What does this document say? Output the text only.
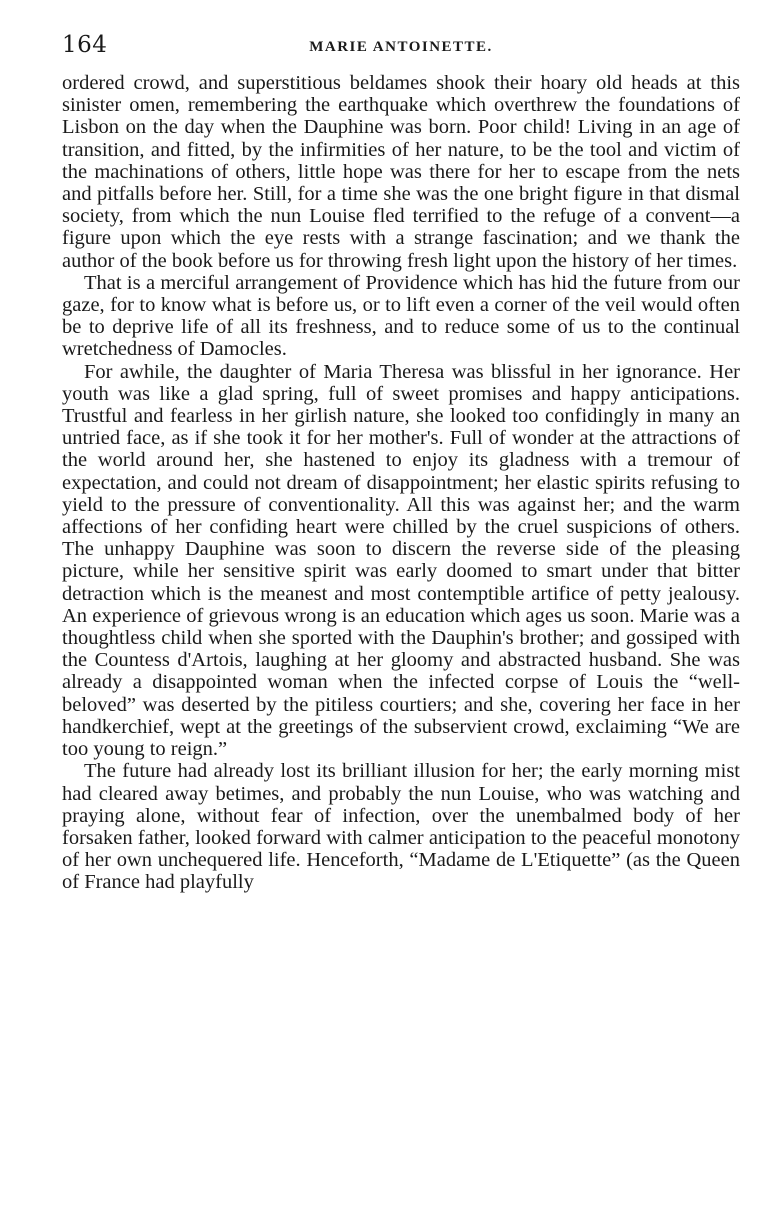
164	MARIE ANTOINETTE.

ordered crowd, and superstitious beldames shook their hoary old heads at this sinister omen, remembering the earthquake which overthrew the foundations of Lisbon on the day when the Dauphine was born. Poor child! Living in an age of transition, and fitted, by the infirmities of her nature, to be the tool and victim of the machinations of others, little hope was there for her to escape from the nets and pitfalls before her. Still, for a time she was the one bright figure in that dismal society, from which the nun Louise fled terrified to the refuge of a convent—a figure upon which the eye rests with a strange fascination; and we thank the author of the book before us for throwing fresh light upon the history of her times.

That is a merciful arrangement of Providence which has hid the future from our gaze, for to know what is before us, or to lift even a corner of the veil would often be to deprive life of all its freshness, and to reduce some of us to the continual wretchedness of Damocles.

For awhile, the daughter of Maria Theresa was blissful in her ignorance. Her youth was like a glad spring, full of sweet promises and happy anticipations. Trustful and fearless in her girlish nature, she looked too confidingly in many an untried face, as if she took it for her mother's. Full of wonder at the attractions of the world around her, she hastened to enjoy its gladness with a tremour of expectation, and could not dream of disappointment; her elastic spirits refusing to yield to the pressure of conventionality. All this was against her; and the warm affections of her confiding heart were chilled by the cruel suspicions of others. The unhappy Dauphine was soon to discern the reverse side of the pleasing picture, while her sensitive spirit was early doomed to smart under that bitter detraction which is the meanest and most contemptible artifice of petty jealousy. An experience of grievous wrong is an education which ages us soon. Marie was a thoughtless child when she sported with the Dauphin's brother; and gossiped with the Countess d'Artois, laughing at her gloomy and abstracted husband. She was already a disappointed woman when the infected corpse of Louis the “well-beloved” was deserted by the pitiless courtiers; and she, covering her face in her handkerchief, wept at the greetings of the subservient crowd, exclaiming “We are too young to reign.”

The future had already lost its brilliant illusion for her; the early morning mist had cleared away betimes, and probably the nun Louise, who was watching and praying alone, without fear of infection, over the unembalmed body of her forsaken father, looked forward with calmer anticipation to the peaceful monotony of her own unchequered life. Henceforth, “Madame de L'Etiquette” (as the Queen of France had playfully
